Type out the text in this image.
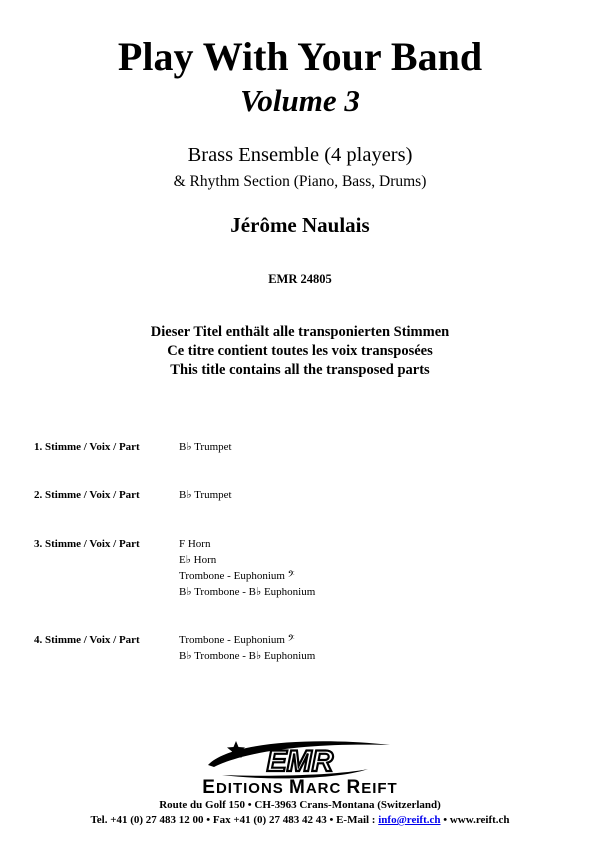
Play With Your Band
Volume 3
Brass Ensemble (4 players)
& Rhythm Section (Piano, Bass, Drums)
Jérôme Naulais
EMR 24805
Dieser Titel enthält alle transponierten Stimmen
Ce titre contient toutes les voix transposées
This title contains all the transposed parts
1. Stimme / Voix / Part	B♭ Trumpet
2. Stimme / Voix / Part	B♭ Trumpet
3. Stimme / Voix / Part	F Horn
E♭ Horn
Trombone - Euphonium 𝄢
B♭ Trombone - B♭ Euphonium
4. Stimme / Voix / Part	Trombone - Euphonium 𝄢
B♭ Trombone - B♭ Euphonium
EMR
EDITIONS MARC REIFT
Route du Golf 150 • CH-3963 Crans-Montana (Switzerland)
Tel. +41 (0) 27 483 12 00 • Fax +41 (0) 27 483 42 43 • E-Mail : info@reift.ch • www.reift.ch
